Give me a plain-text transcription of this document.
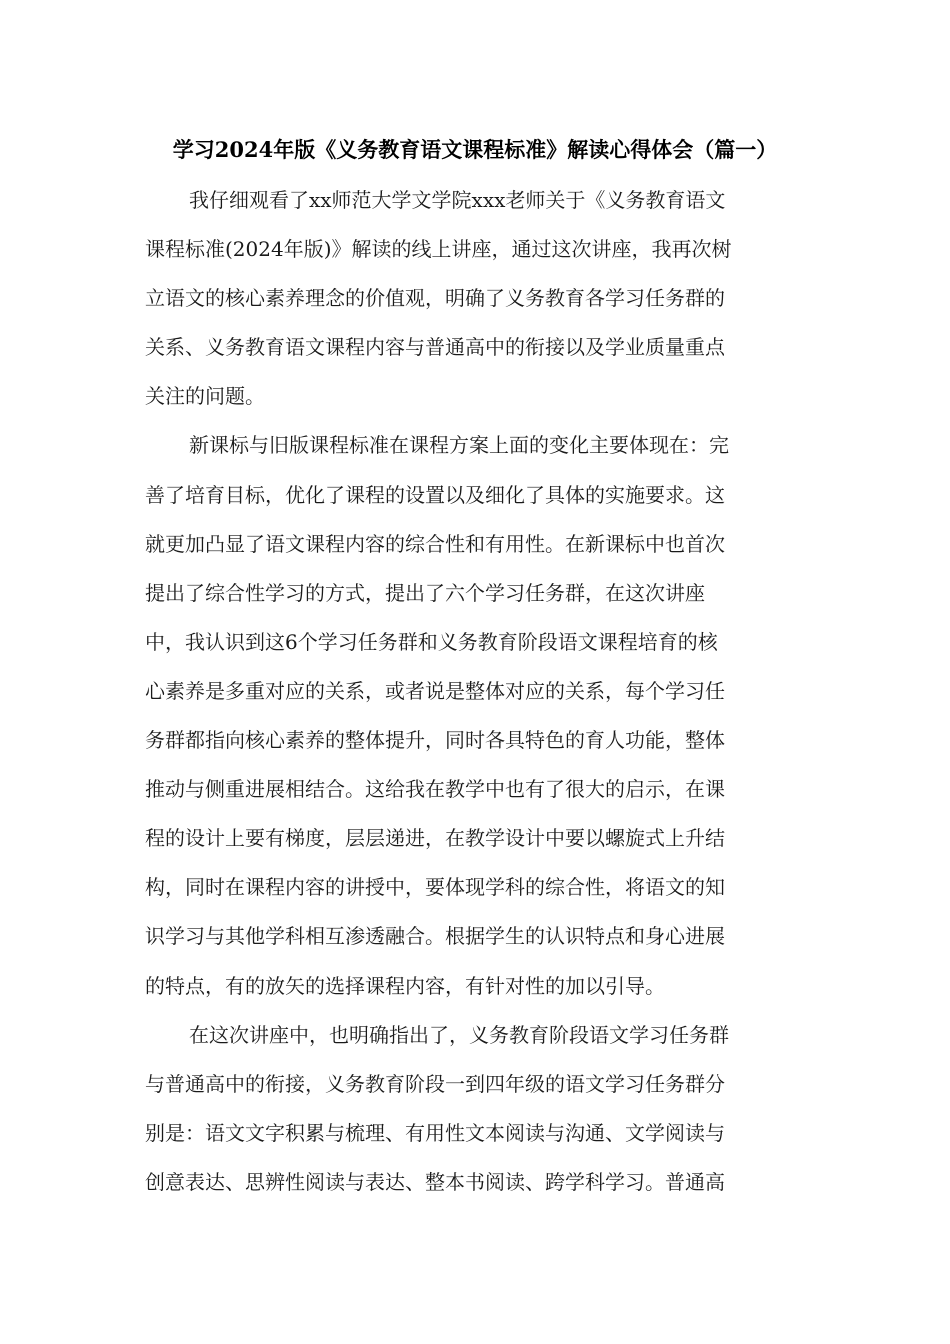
学习2024年版《义务教育语文课程标准》解读心得体会（篇一）
我仔细观看了xx师范大学文学院xxx老师关于《义务教育语文
课程标准(2024年版)》解读的线上讲座，通过这次讲座，我再次树
立语文的核心素养理念的价值观，明确了义务教育各学习任务群的
关系、义务教育语文课程内容与普通高中的衔接以及学业质量重点
关注的问题。
新课标与旧版课程标准在课程方案上面的变化主要体现在：完
善了培育目标，优化了课程的设置以及细化了具体的实施要求。这
就更加凸显了语文课程内容的综合性和有用性。在新课标中也首次
提出了综合性学习的方式，提出了六个学习任务群，在这次讲座
中，我认识到这6个学习任务群和义务教育阶段语文课程培育的核
心素养是多重对应的关系，或者说是整体对应的关系，每个学习任
务群都指向核心素养的整体提升，同时各具特色的育人功能，整体
推动与侧重进展相结合。这给我在教学中也有了很大的启示，在课
程的设计上要有梯度，层层递进，在教学设计中要以螺旋式上升结
构，同时在课程内容的讲授中，要体现学科的综合性，将语文的知
识学习与其他学科相互渗透融合。根据学生的认识特点和身心进展
的特点，有的放矢的选择课程内容，有针对性的加以引导。
在这次讲座中，也明确指出了，义务教育阶段语文学习任务群
与普通高中的衔接，义务教育阶段一到四年级的语文学习任务群分
别是：语文文字积累与梳理、有用性文本阅读与沟通、文学阅读与
创意表达、思辨性阅读与表达、整本书阅读、跨学科学习。普通高
